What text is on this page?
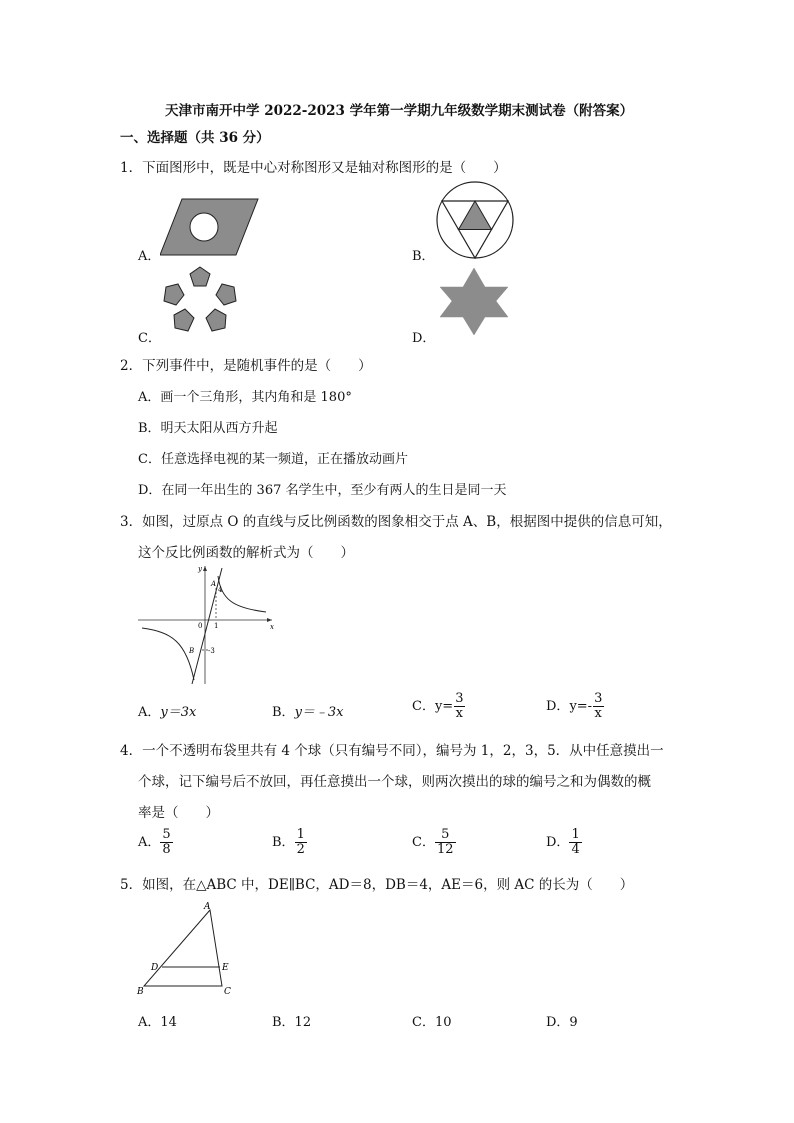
天津市南开中学 2022-2023 学年第一学期九年级数学期末测试卷（附答案）
一、选择题（共 36 分）
1．下面图形中，既是中心对称图形又是轴对称图形的是（　　）
A．	B．
C．	D．
2．下列事件中，是随机事件的是（　　）
A．画一个三角形，其内角和是 180°
B．明天太阳从西方升起
C．任意选择电视的某一频道，正在播放动画片
D．在同一年出生的 367 名学生中，至少有两人的生日是同一天
3．如图，过原点 O 的直线与反比例函数的图象相交于点 A、B，根据图中提供的信息可知，
这个反比例函数的解析式为（　　）
x
y
0 1
4
-3
A
B
A．y＝3x	B．y＝﹣3x	C．$y= \frac{3}{x}$	D．$y=- \frac{3}{x}$
4．一个不透明布袋里共有 4 个球（只有编号不同），编号为 1，2，3，5．从中任意摸出一
个球，记下编号后不放回，再任意摸出一个球，则两次摸出的球的编号之和为偶数的概
率是（　　）
A． $\frac{5}{8}$	B． $\frac{1}{2}$	C． $\frac{5}{12}$	D． $\frac{1}{4}$
5．如图，在△ABC 中，DE∥BC，AD＝8，DB＝4，AE＝6，则 AC 的长为（　　）
A
B	C
D	E
A．14	B．12	C．10	D．9
